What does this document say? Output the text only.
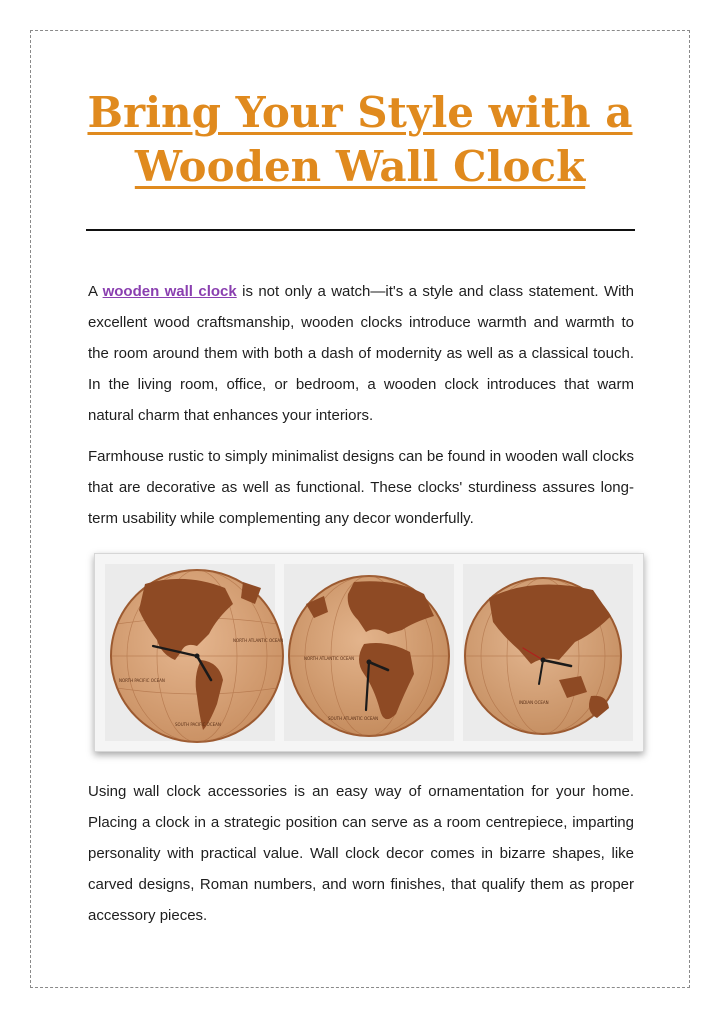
Bring Your Style with a Wooden Wall Clock

A wooden wall clock is not only a watch—it's a style and class statement. With excellent wood craftsmanship, wooden clocks introduce warmth and warmth to the room around them with both a dash of modernity as well as a classical touch. In the living room, office, or bedroom, a wooden clock introduces that warm natural charm that enhances your interiors.

Farmhouse rustic to simply minimalist designs can be found in wooden wall clocks that are decorative as well as functional. These clocks' sturdiness assures long-term usability while complementing any decor wonderfully.

NORTH PACIFIC OCEAN
NORTH ATLANTIC OCEAN
SOUTH PACIFIC OCEAN
NORTH ATLANTIC OCEAN
SOUTH ATLANTIC OCEAN
INDIAN OCEAN

Using wall clock accessories is an easy way of ornamentation for your home. Placing a clock in a strategic position can serve as a room centrepiece, imparting personality with practical value. Wall clock decor comes in bizarre shapes, like carved designs, Roman numbers, and worn finishes, that qualify them as proper accessory pieces.
